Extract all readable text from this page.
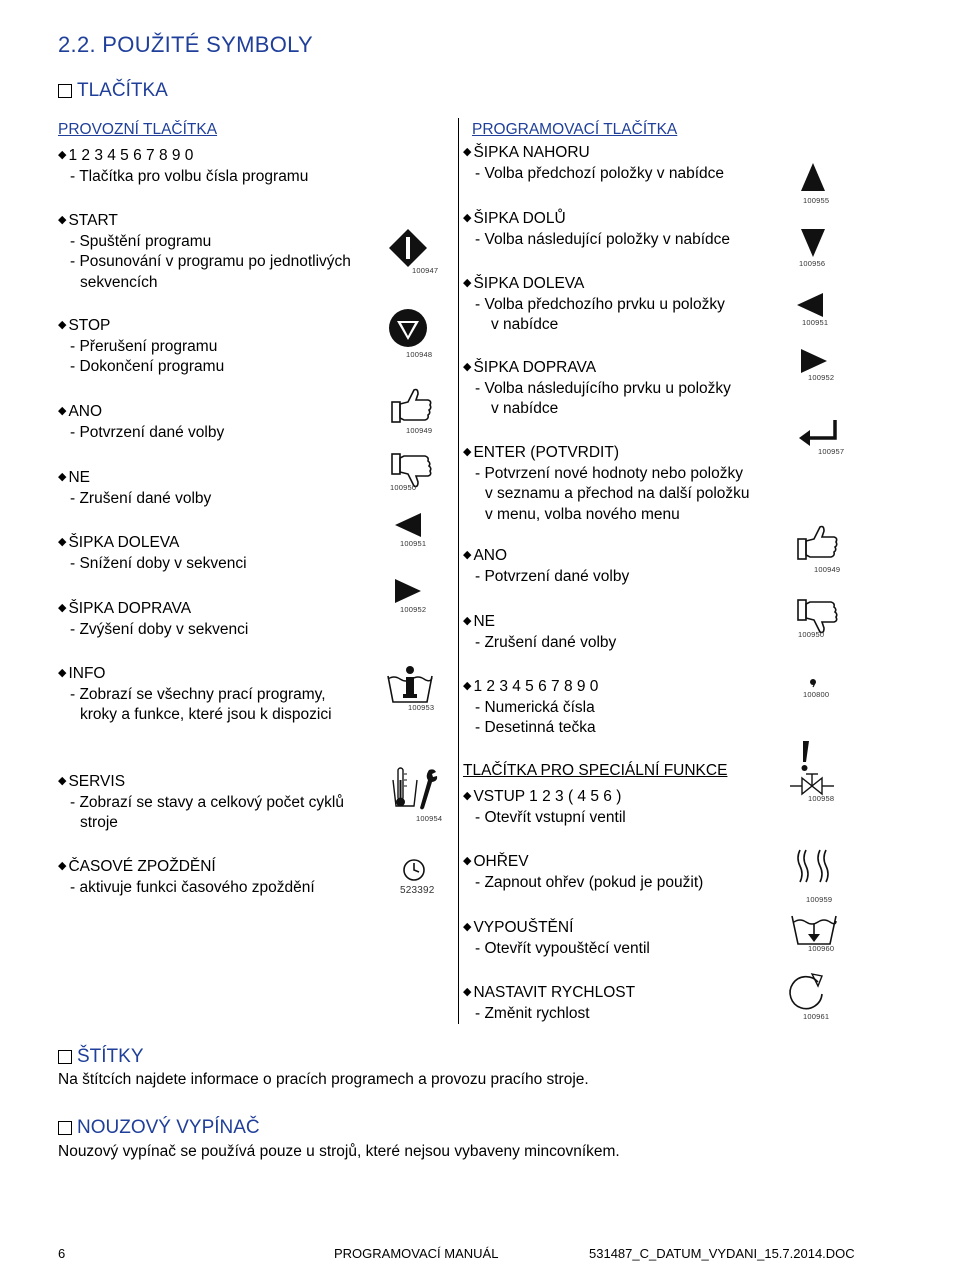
2.2. POUŽITÉ SYMBOLY
TLAČÍTKA
PROVOZNÍ TLAČÍTKA
◆ 1 2 3 4 5 6 7 8 9 0
- Tlačítka pro volbu čísla programu
◆ START
- Spuštění programu
- Posunování v programu po jednotlivých
sekvencích
◆ STOP
- Přerušení programu
- Dokončení programu
◆ ANO
- Potvrzení dané volby
◆ NE
- Zrušení dané volby
◆ ŠIPKA DOLEVA
- Snížení doby v sekvenci
◆ ŠIPKA DOPRAVA
- Zvýšení doby v sekvenci
◆ INFO
- Zobrazí se všechny prací programy,
kroky a funkce, které jsou k dispozici
◆ SERVIS
- Zobrazí se stavy a celkový počet cyklů
stroje
◆ ČASOVÉ ZPOŽDĚNÍ
- aktivuje funkci časového zpoždění
100947
100948
100949
100950
100951
100952
100953
100954
523392
PROGRAMOVACÍ TLAČÍTKA
◆ ŠIPKA NAHORU
- Volba předchozí položky v nabídce
◆ ŠIPKA DOLŮ
- Volba následující položky v nabídce
◆ ŠIPKA DOLEVA
- Volba předchozího prvku u položky
v nabídce
◆ ŠIPKA DOPRAVA
- Volba následujícího prvku u položky
v nabídce
◆ ENTER (POTVRDIT)
- Potvrzení nové hodnoty nebo položky
v seznamu a přechod na další položku
v menu, volba nového menu
◆ ANO
- Potvrzení dané volby
◆ NE
- Zrušení dané volby
◆ 1 2 3 4 5 6 7 8 9 0
- Numerická čísla
- Desetinná tečka
TLAČÍTKA PRO SPECIÁLNÍ FUNKCE
◆ VSTUP 1 2 3 ( 4 5 6 )
- Otevřít vstupní ventil
◆ OHŘEV
- Zapnout ohřev (pokud je použit)
◆ VYPOUŠTĚNÍ
- Otevřít vypouštěcí ventil
◆ NASTAVIT RYCHLOST
- Změnit rychlost
100955
100956
100951
100952
100957
100949
100950
100800
100958
100959
100960
100961
ŠTÍTKY
Na štítcích najdete informace o pracích programech a provozu pracího stroje.
NOUZOVÝ VYPÍNAČ
Nouzový vypínač se používá pouze u strojů, které nejsou vybaveny mincovníkem.
6	PROGRAMOVACÍ MANUÁL	531487_C_DATUM_VYDANI_15.7.2014.DOC
